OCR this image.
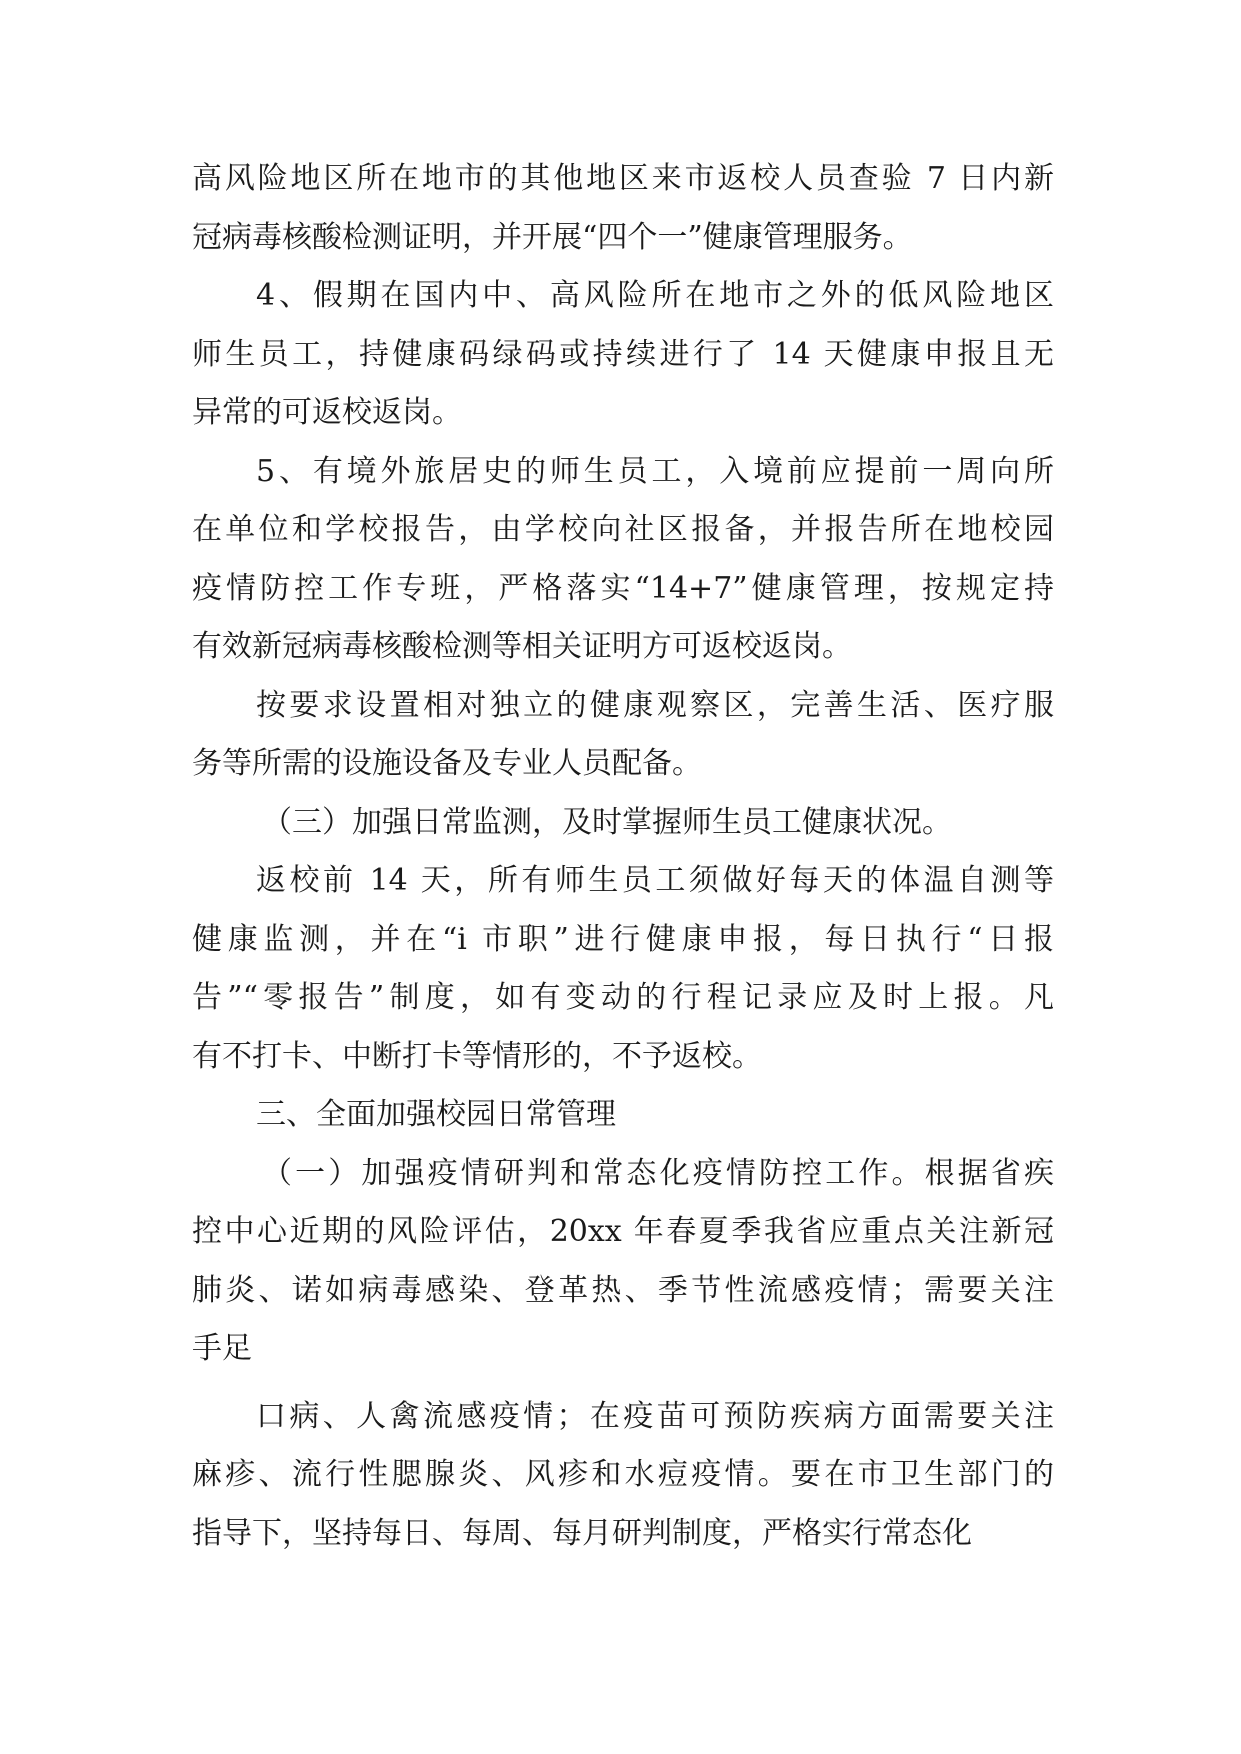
高风险地区所在地市的其他地区来市返校人员查验 7 日内新
冠病毒核酸检测证明，并开展“四个一”健康管理服务。
4、假期在国内中、高风险所在地市之外的低风险地区
师生员工，持健康码绿码或持续进行了 14 天健康申报且无
异常的可返校返岗。
5、有境外旅居史的师生员工，入境前应提前一周向所
在单位和学校报告，由学校向社区报备，并报告所在地校园
疫情防控工作专班，严格落实“14+7”健康管理，按规定持
有效新冠病毒核酸检测等相关证明方可返校返岗。
按要求设置相对独立的健康观察区，完善生活、医疗服
务等所需的设施设备及专业人员配备。
（三）加强日常监测，及时掌握师生员工健康状况。
返校前 14 天，所有师生员工须做好每天的体温自测等
健康监测，并在“i 市职”进行健康申报，每日执行“日报
告”“零报告”制度，如有变动的行程记录应及时上报。凡
有不打卡、中断打卡等情形的，不予返校。
三、全面加强校园日常管理
（一）加强疫情研判和常态化疫情防控工作。根据省疾
控中心近期的风险评估，20xx 年春夏季我省应重点关注新冠
肺炎、诺如病毒感染、登革热、季节性流感疫情；需要关注
手足
口病、人禽流感疫情；在疫苗可预防疾病方面需要关注
麻疹、流行性腮腺炎、风疹和水痘疫情。要在市卫生部门的
指导下，坚持每日、每周、每月研判制度，严格实行常态化
